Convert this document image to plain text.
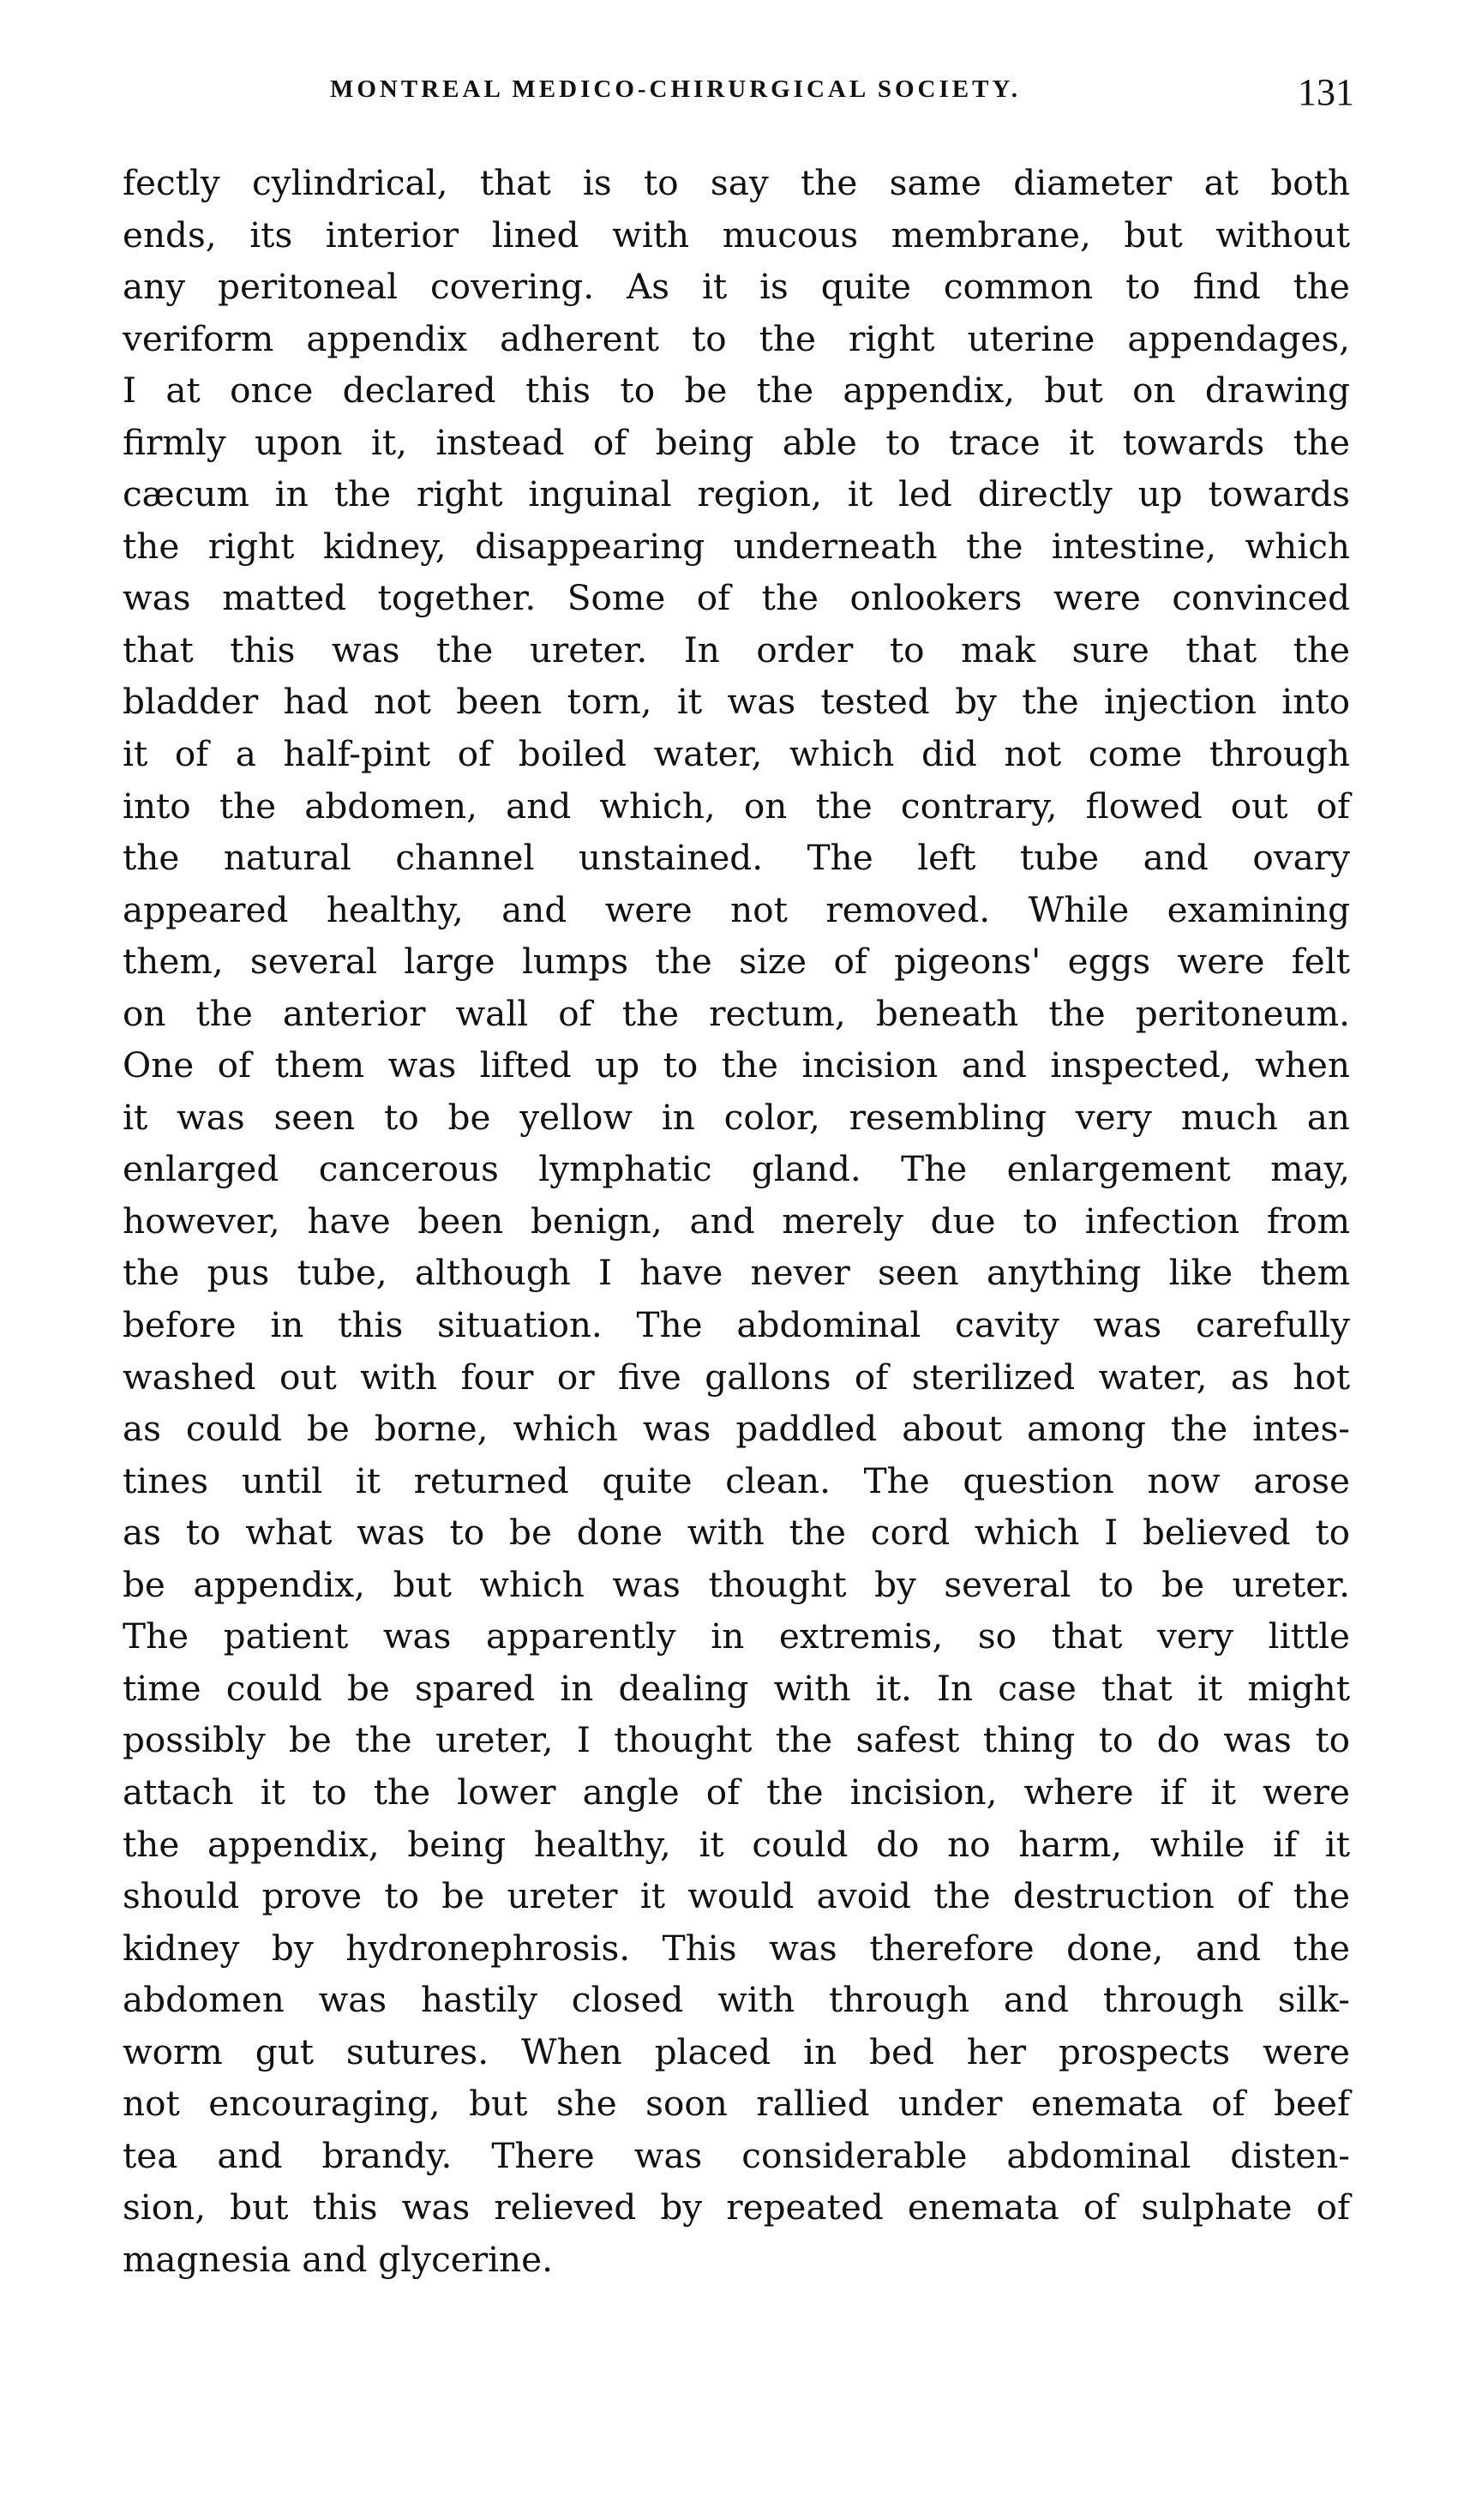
MONTREAL MEDICO-CHIRURGICAL SOCIETY.	131
fectly cylindrical, that is to say the same diameter at both
ends, its interior lined with mucous membrane, but without
any peritoneal covering. As it is quite common to find the
veriform appendix adherent to the right uterine appendages,
I at once declared this to be the appendix, but on drawing
firmly upon it, instead of being able to trace it towards the
cæcum in the right inguinal region, it led directly up towards
the right kidney, disappearing underneath the intestine, which
was matted together. Some of the onlookers were convinced
that this was the ureter. In order to mak sure that the
bladder had not been torn, it was tested by the injection into
it of a half-pint of boiled water, which did not come through
into the abdomen, and which, on the contrary, flowed out of
the natural channel unstained. The left tube and ovary
appeared healthy, and were not removed. While examining
them, several large lumps the size of pigeons' eggs were felt
on the anterior wall of the rectum, beneath the peritoneum.
One of them was lifted up to the incision and inspected, when
it was seen to be yellow in color, resembling very much an
enlarged cancerous lymphatic gland. The enlargement may,
however, have been benign, and merely due to infection from
the pus tube, although I have never seen anything like them
before in this situation. The abdominal cavity was carefully
washed out with four or five gallons of sterilized water, as hot
as could be borne, which was paddled about among the intes-
tines until it returned quite clean. The question now arose
as to what was to be done with the cord which I believed to
be appendix, but which was thought by several to be ureter.
The patient was apparently in extremis, so that very little
time could be spared in dealing with it. In case that it might
possibly be the ureter, I thought the safest thing to do was to
attach it to the lower angle of the incision, where if it were
the appendix, being healthy, it could do no harm, while if it
should prove to be ureter it would avoid the destruction of the
kidney by hydronephrosis. This was therefore done, and the
abdomen was hastily closed with through and through silk-
worm gut sutures. When placed in bed her prospects were
not encouraging, but she soon rallied under enemata of beef
tea and brandy. There was considerable abdominal disten-
sion, but this was relieved by repeated enemata of sulphate of
magnesia and glycerine.
